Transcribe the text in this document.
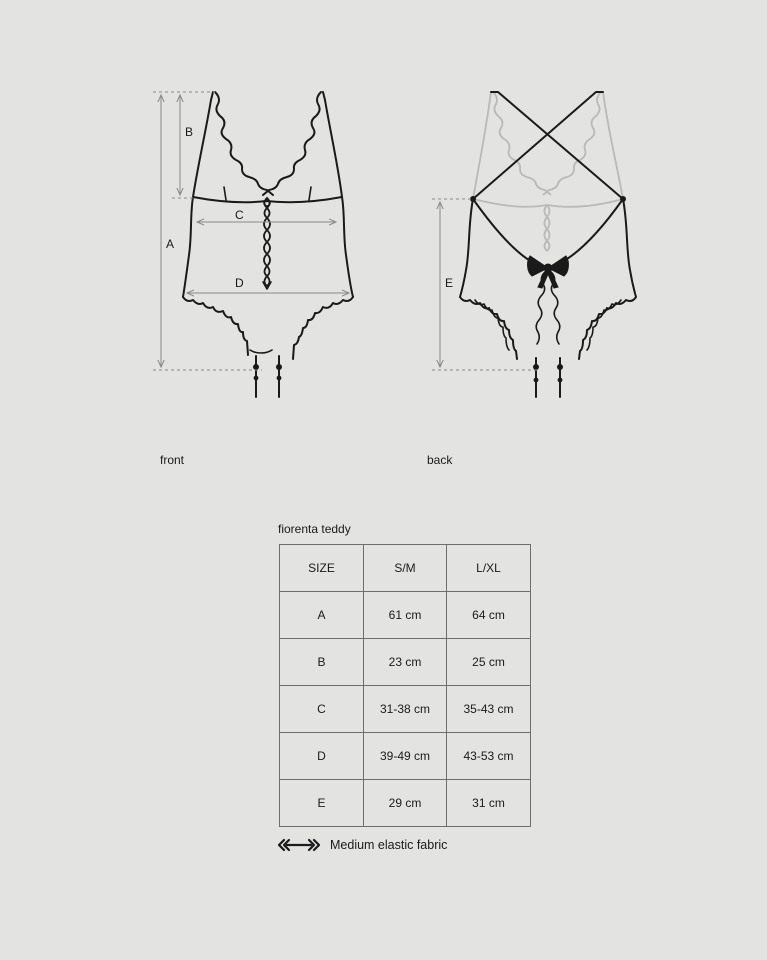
A
B
C
D	E
front	back
fiorenta teddy
SIZE	S/M	L/XL
A	61 cm	64 cm
B	23 cm	25 cm
C	31-38 cm	35-43 cm
D	39-49 cm	43-53 cm
E	29 cm	31 cm
Medium elastic fabric
